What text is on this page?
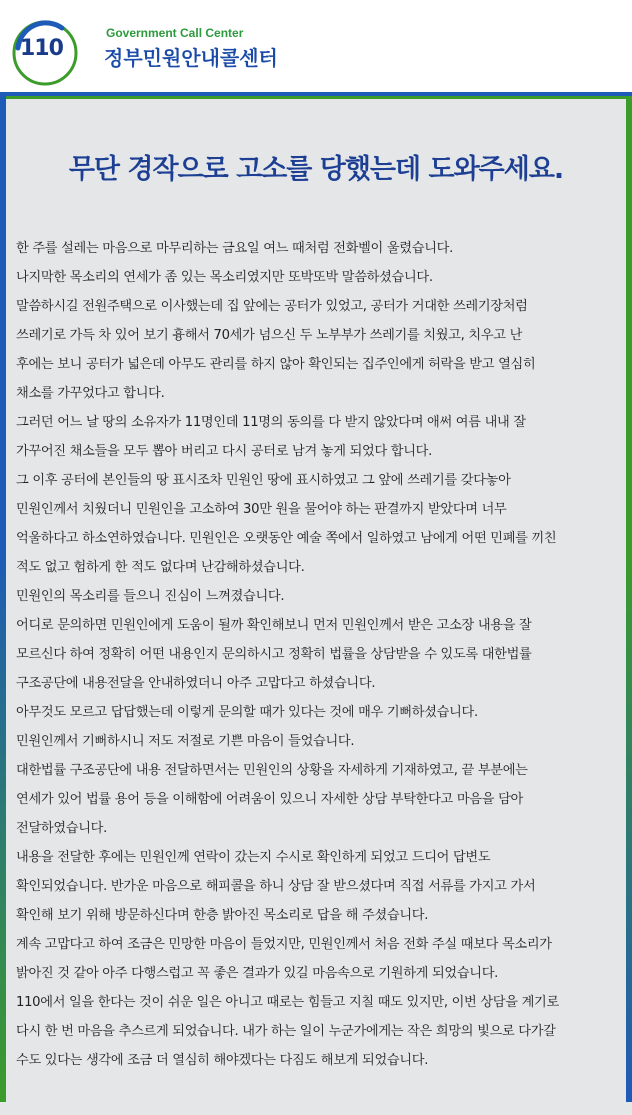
110
Government Call Center
정부민원안내콜센터
무단 경작으로 고소를 당했는데 도와주세요.

한 주를 설레는 마음으로 마무리하는 금요일 여느 때처럼 전화벨이 울렸습니다.

나지막한 목소리의 연세가 좀 있는 목소리였지만 또박또박 말씀하셨습니다.

말씀하시길 전원주택으로 이사했는데 집 앞에는 공터가 있었고, 공터가 거대한 쓰레기장처럼

쓰레기로 가득 차 있어 보기 흉해서 70세가 넘으신 두 노부부가 쓰레기를 치웠고, 치우고 난

후에는 보니 공터가 넓은데 아무도 관리를 하지 않아 확인되는 집주인에게 허락을 받고 열심히

채소를 가꾸었다고 합니다.

그러던 어느 날 땅의 소유자가 11명인데 11명의 동의를 다 받지 않았다며 애써 여름 내내 잘

가꾸어진 채소들을 모두 뽑아 버리고 다시 공터로 남겨 놓게 되었다 합니다.

그 이후 공터에 본인들의 땅 표시조차 민원인 땅에 표시하였고 그 앞에 쓰레기를 갖다놓아

민원인께서 치웠더니 민원인을 고소하여 30만 원을 물어야 하는 판결까지 받았다며 너무

억울하다고 하소연하였습니다. 민원인은 오랫동안 예술 쪽에서 일하였고 남에게 어떤 민폐를 끼친

적도 없고 험하게 한 적도 없다며 난감해하셨습니다.

민원인의 목소리를 들으니 진심이 느껴졌습니다.

어디로 문의하면 민원인에게 도움이 될까 확인해보니 먼저 민원인께서 받은 고소장 내용을 잘

모르신다 하여 정확히 어떤 내용인지 문의하시고 정확히 법률을 상담받을 수 있도록 대한법률

구조공단에 내용전달을 안내하였더니 아주 고맙다고 하셨습니다.

아무것도 모르고 답답했는데 이렇게 문의할 때가 있다는 것에 매우 기뻐하셨습니다.

민원인께서 기뻐하시니 저도 저절로 기쁜 마음이 들었습니다.

대한법률 구조공단에 내용 전달하면서는 민원인의 상황을 자세하게 기재하였고, 끝 부분에는

연세가 있어 법률 용어 등을 이해함에 어려움이 있으니 자세한 상담 부탁한다고 마음을 담아

전달하였습니다.

내용을 전달한 후에는 민원인께 연락이 갔는지 수시로 확인하게 되었고 드디어 답변도

확인되었습니다. 반가운 마음으로 해피콜을 하니 상담 잘 받으셨다며 직접 서류를 가지고 가서

확인해 보기 위해 방문하신다며 한층 밝아진 목소리로 답을 해 주셨습니다.

계속 고맙다고 하여 조금은 민망한 마음이 들었지만, 민원인께서 처음 전화 주실 때보다 목소리가

밝아진 것 같아 아주 다행스럽고 꼭 좋은 결과가 있길 마음속으로 기원하게 되었습니다.

110에서 일을 한다는 것이 쉬운 일은 아니고 때로는 힘들고 지칠 때도 있지만, 이번 상담을 계기로

다시 한 번 마음을 추스르게 되었습니다. 내가 하는 일이 누군가에게는 작은 희망의 빛으로 다가갈

수도 있다는 생각에 조금 더 열심히 해야겠다는 다짐도 해보게 되었습니다.
